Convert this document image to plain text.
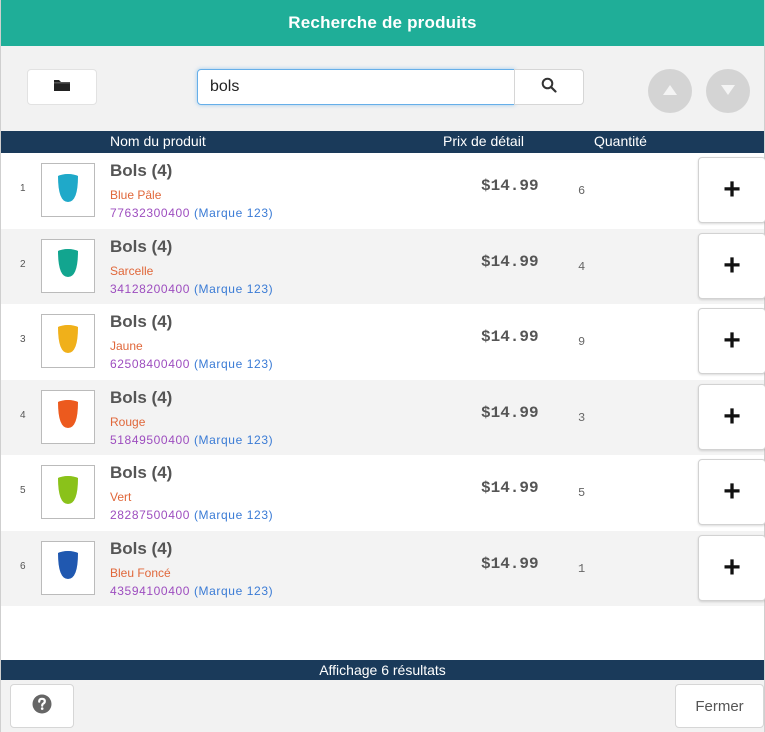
Recherche de produits
bols
Nom du produit	Prix de détail	Quantité
1
Bols (4)
Blue Pâle
77632300400 (Marque 123)
$14.99	6	+
2
Bols (4)
Sarcelle
34128200400 (Marque 123)
$14.99	4	+
3
Bols (4)
Jaune
62508400400 (Marque 123)
$14.99	9	+
4
Bols (4)
Rouge
51849500400 (Marque 123)
$14.99	3	+
5
Bols (4)
Vert
28287500400 (Marque 123)
$14.99	5	+
6
Bols (4)
Bleu Foncé
43594100400 (Marque 123)
$14.99	1	+
Affichage 6 résultats
Fermer
